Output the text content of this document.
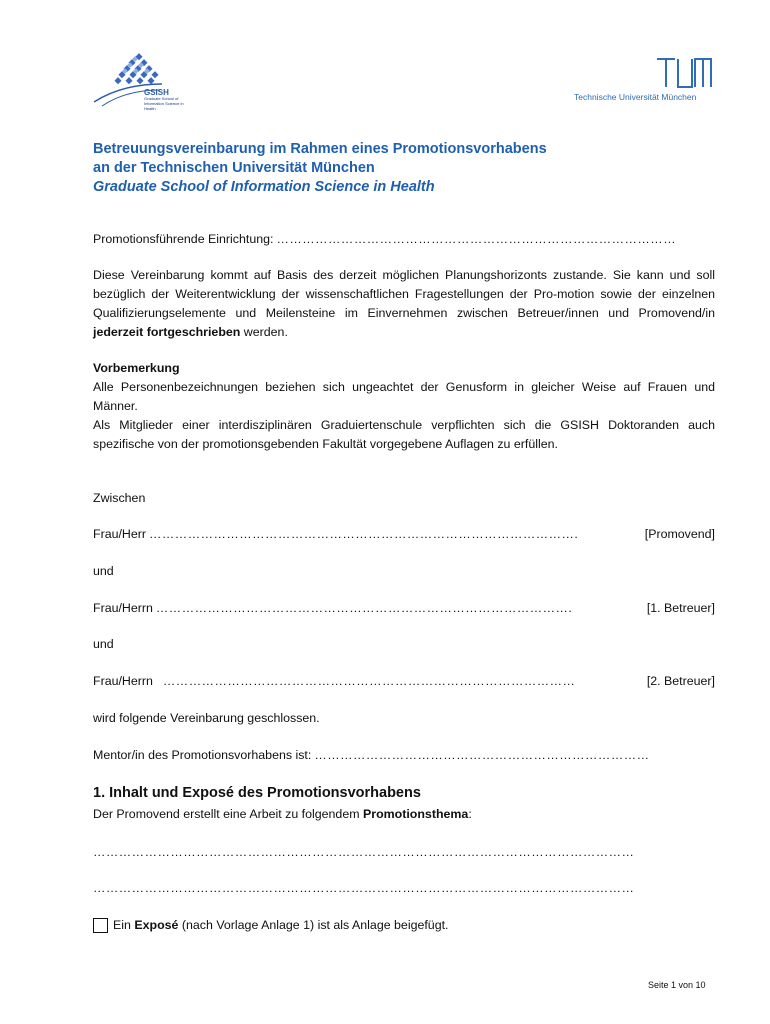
GSISH
Graduate School of Information Science in Health
Technische Universität München
Betreuungsvereinbarung im Rahmen eines Promotionsvorhabens
an der Technischen Universität München
Graduate School of Information Science in Health
Promotionsführende Einrichtung: …………………………………………………………………………………
Diese Vereinbarung kommt auf Basis des derzeit möglichen Planungshorizonts zustande. Sie kann und soll bezüglich der Weiterentwicklung der wissenschaftlichen Fragestellungen der Pro-motion sowie der einzelnen Qualifizierungselemente und Meilensteine im Einvernehmen zwischen Betreuer/innen und Promovend/in jederzeit fortgeschrieben werden.
Vorbemerkung
Alle Personenbezeichnungen beziehen sich ungeachtet der Genusform in gleicher Weise auf Frauen und Männer.
Als Mitglieder einer interdisziplinären Graduiertenschule verpflichten sich die GSISH Doktoranden auch spezifische von der promotionsgebenden Fakultät vorgegebene Auflagen zu erfüllen.
Zwischen
Frau/Herr ……………………………………………………………………………………….	[Promovend]
und
Frau/Herrn …………………………………………………………………………………….	[1. Betreuer]
und
Frau/Herrn ……………………………………………………………………………………	[2. Betreuer]
wird folgende Vereinbarung geschlossen.
Mentor/in des Promotionsvorhabens ist: ……………………………………………………………………
1. Inhalt und Exposé des Promotionsvorhabens
Der Promovend erstellt eine Arbeit zu folgendem Promotionsthema:
………………………………………………………………………………………………………………
………………………………………………………………………………………………………………
Ein Exposé (nach Vorlage Anlage 1) ist als Anlage beigefügt.
Seite 1 von 10
